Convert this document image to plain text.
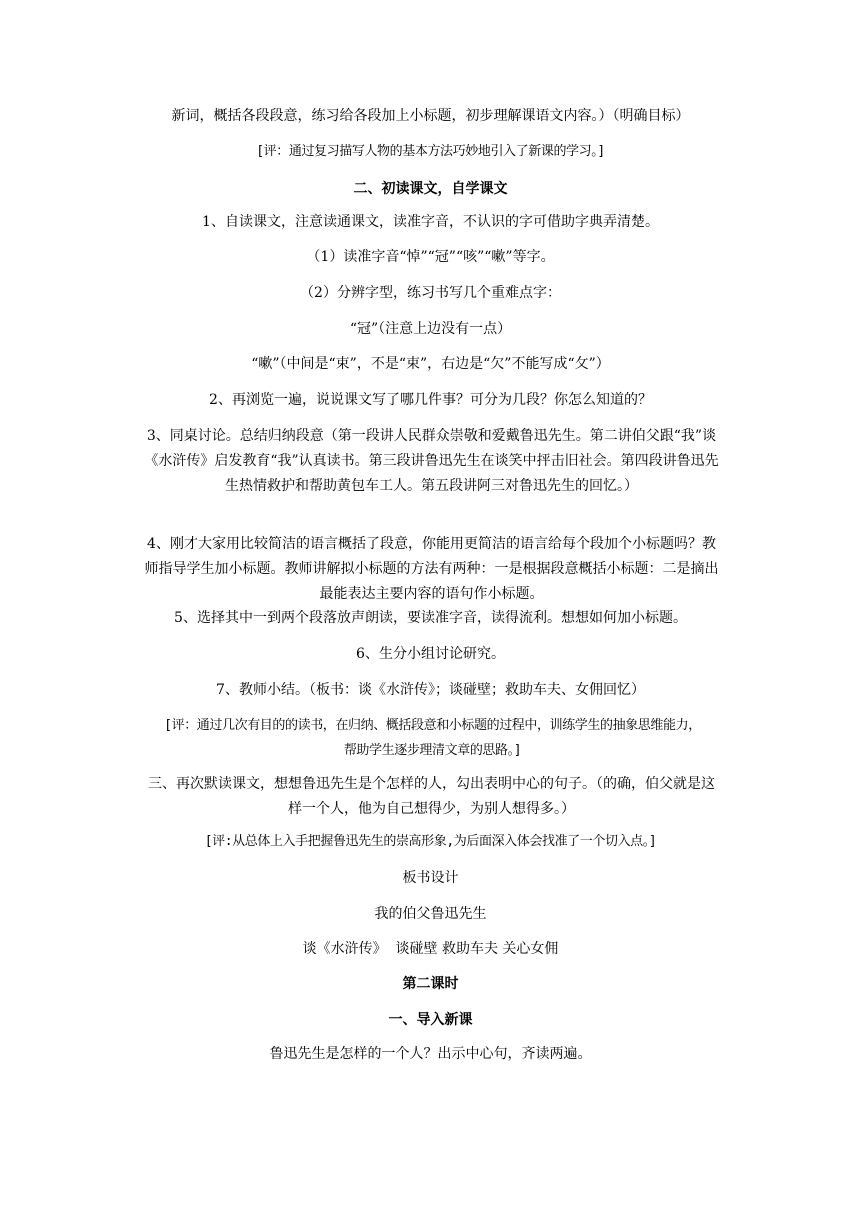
新词，概括各段段意，练习给各段加上小标题，初步理解课语文内容。）（明确目标）
[评：通过复习描写人物的基本方法巧妙地引入了新课的学习。]
二、初读课文，自学课文
1、自读课文，注意读通课文，读准字音，不认识的字可借助字典弄清楚。
（1）读准字音“悼”“冠”“咳”“嗽”等字。
（2）分辨字型，练习书写几个重难点字：
“冠”（注意上边没有一点）
“嗽”（中间是“束”，不是“束”，右边是“欠”不能写成“攵”）
2、再浏览一遍，说说课文写了哪几件事？可分为几段？你怎么知道的？

3、同桌讨论。总结归纳段意（第一段讲人民群众崇敬和爱戴鲁迅先生。第二讲伯父跟“我”谈《水浒传》启发教育“我”认真读书。第三段讲鲁迅先生在谈笑中抨击旧社会。第四段讲鲁迅先生热情救护和帮助黄包车工人。第五段讲阿三对鲁迅先生的回忆。）

4、刚才大家用比较简洁的语言概括了段意，你能用更简洁的语言给每个段加个小标题吗？教师指导学生加小标题。教师讲解拟小标题的方法有两种：一是根据段意概括小标题：二是摘出最能表达主要内容的语句作小标题。

5、选择其中一到两个段落放声朗读，要读准字音，读得流利。想想如何加小标题。
6、生分小组讨论研究。
7、教师小结。（板书：谈《水浒传》；谈碰壁；救助车夫、女佣回忆）

[评：通过几次有目的的读书，在归纳、概括段意和小标题的过程中，训练学生的抽象思维能力，帮助学生逐步理清文章的思路。]

三、再次默读课文，想想鲁迅先生是个怎样的人，勾出表明中心的句子。（的确，伯父就是这样一个人，他为自己想得少，为别人想得多。）

[评:从总体上入手把握鲁迅先生的崇高形象,为后面深入体会找准了一个切入点。]
板书设计
我的伯父鲁迅先生
谈《水浒传》  谈碰壁 救助车夫 关心女佣
第二课时
一、导入新课
鲁迅先生是怎样的一个人？出示中心句，齐读两遍。
